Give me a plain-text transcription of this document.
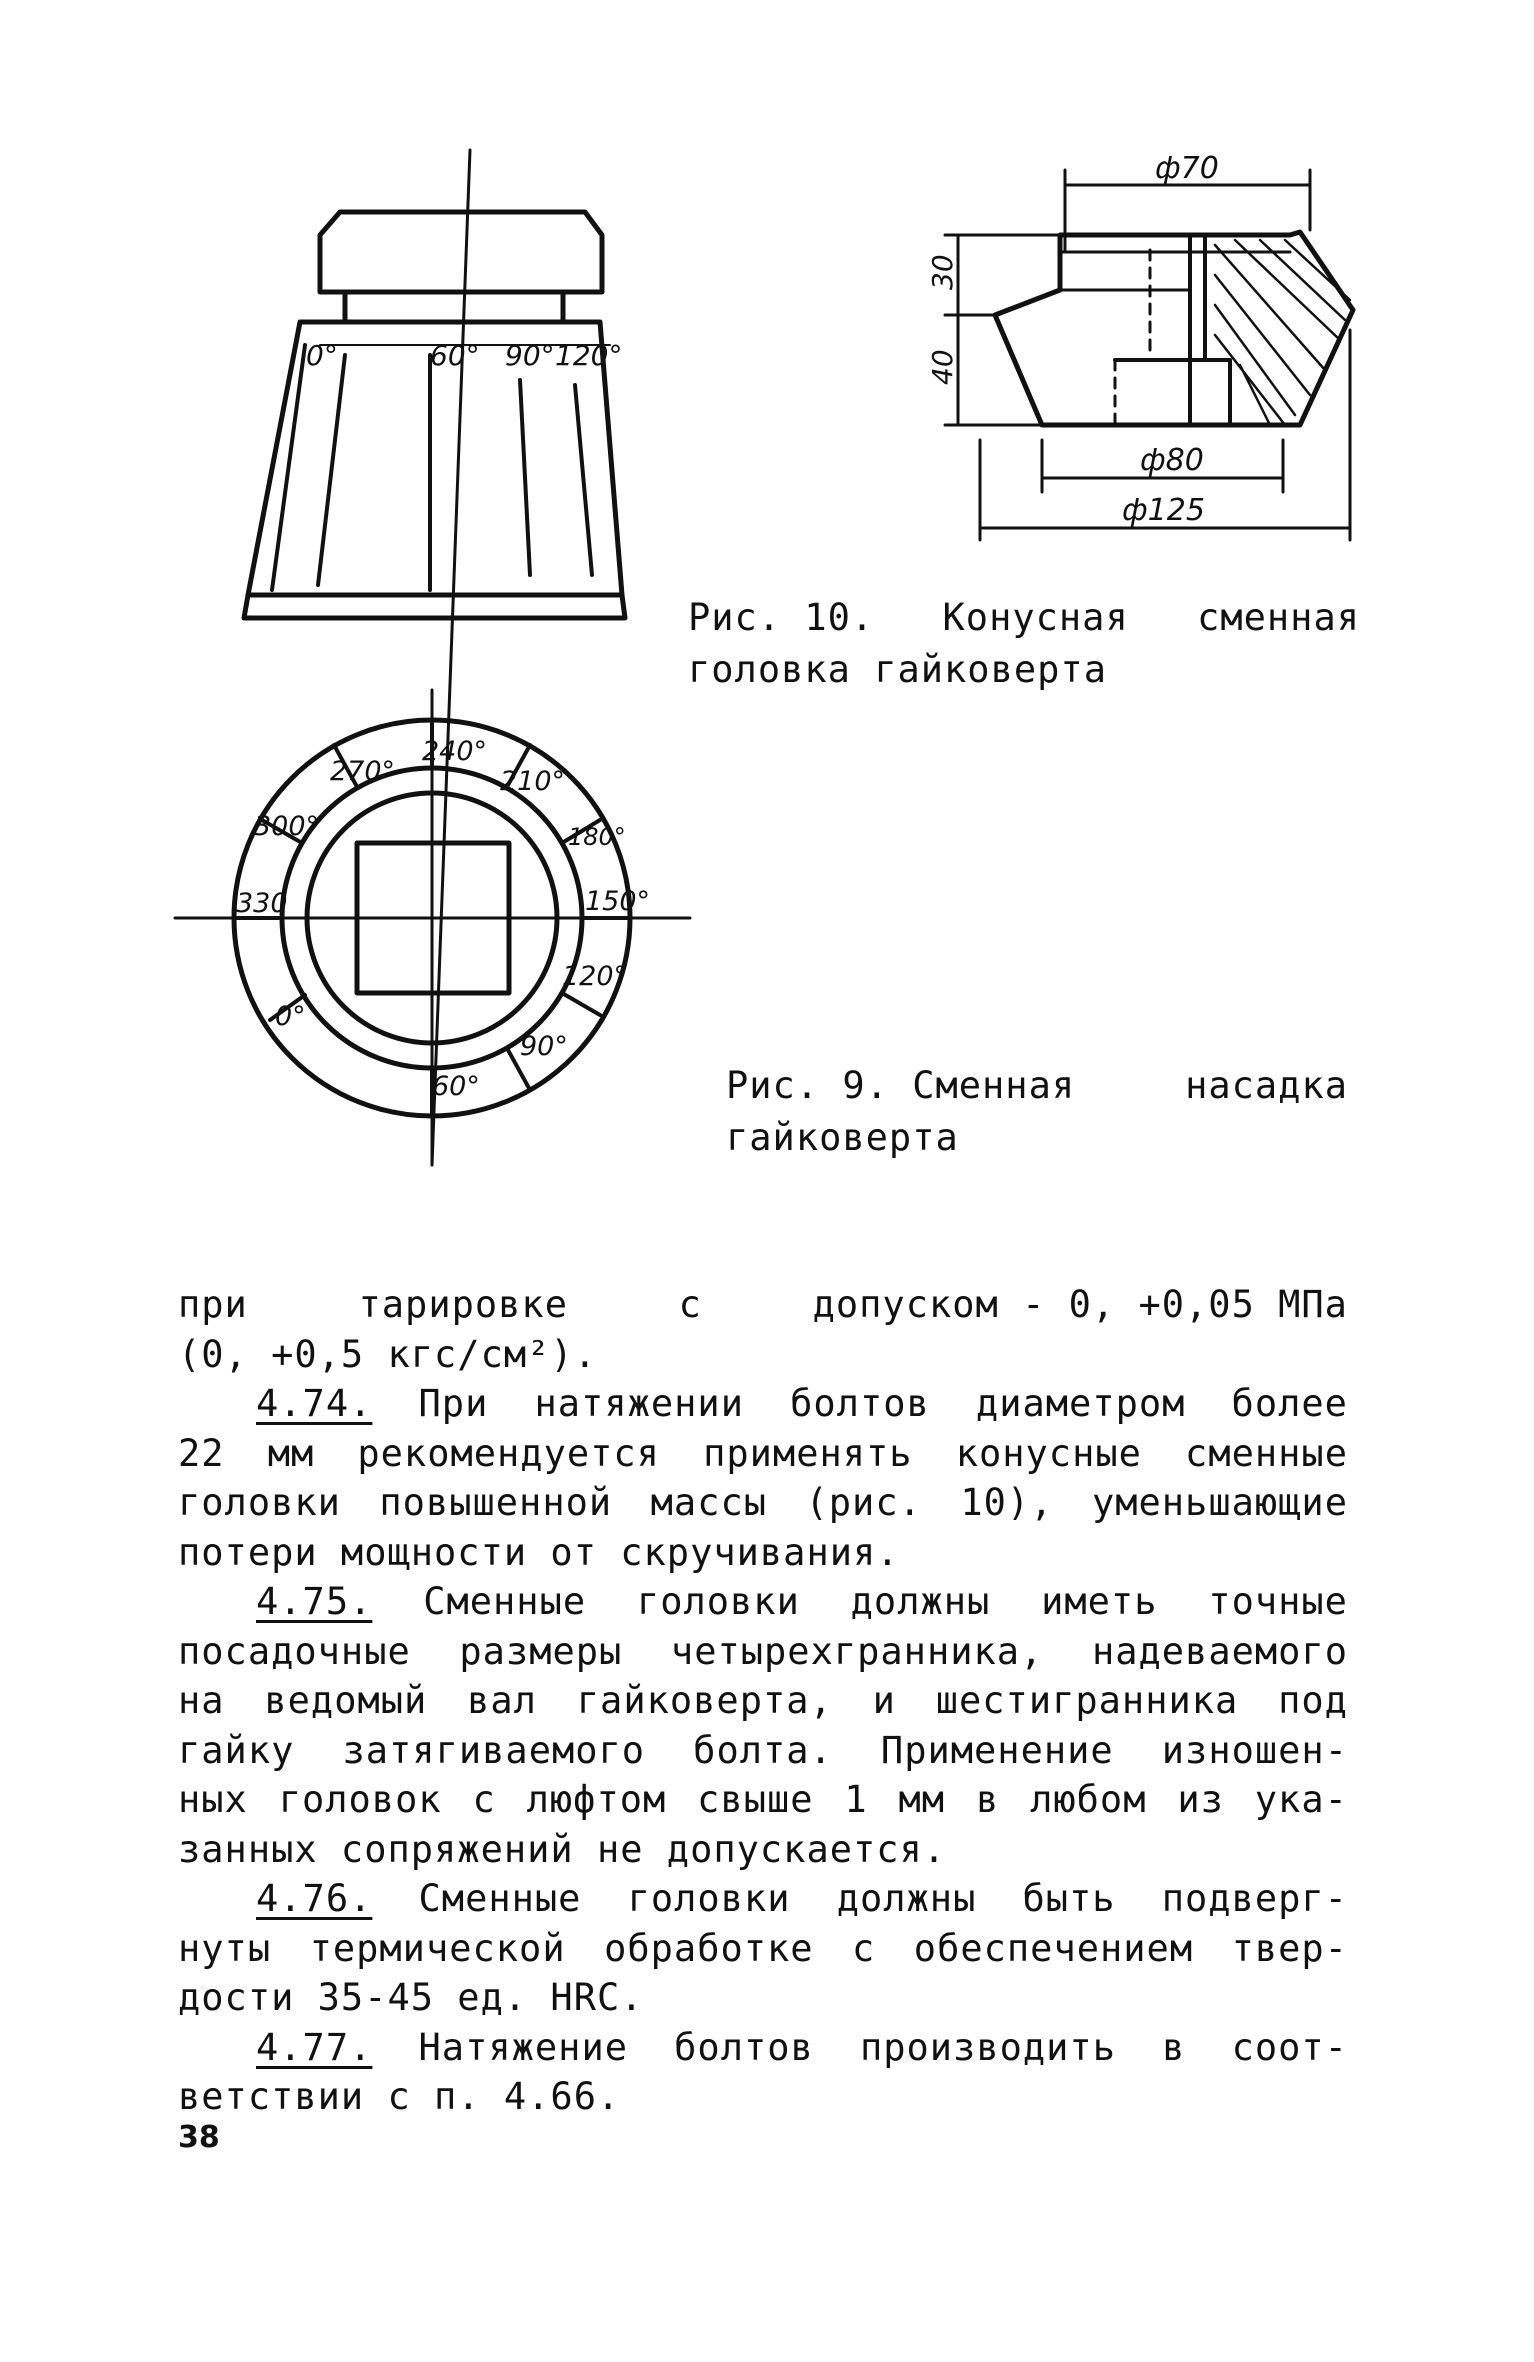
0°	60° 90° 120°
270°
240°
210°
300°	180°
330	150°
120°
0°
90°
60°
ф70
30
40
ф80
ф125
Рис. 10. Конусная сменная
головка гайковерта
Рис. 9. Сменная	насадка
гайковерта
при	тарировке	с	допуском - 0, +0,05 МПа
(0, +0,5 кгс/см²).
4.74. При натяжении болтов диаметром более
22 мм рекомендуется применять конусные сменные
головки повышенной массы (рис. 10), уменьшающие
потери мощности от скручивания.
4.75. Сменные головки должны иметь точные
посадочные размеры четырехгранника, надеваемого
на ведомый вал гайковерта, и шестигранника под
гайку затягиваемого болта. Применение изношен-
ных головок с люфтом свыше 1 мм в любом из ука-
занных сопряжений не допускается.
4.76. Сменные головки должны быть подверг-
нуты термической обработке с обеспечением твер-
дости 35-45 ед. HRC.
4.77. Натяжение болтов производить в соот-
ветствии с п. 4.66.
38
